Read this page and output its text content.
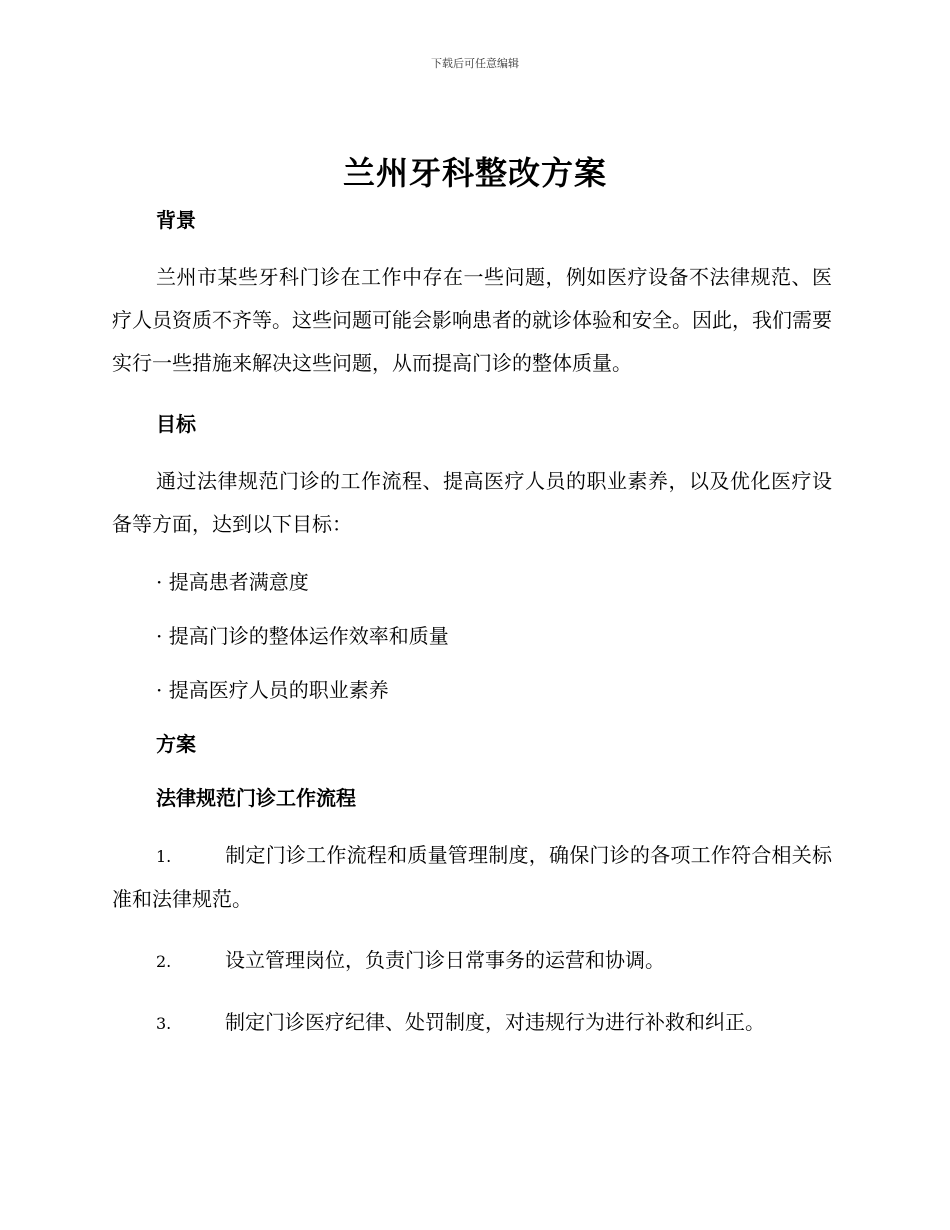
下载后可任意编辑
兰州牙科整改方案
背景

兰州市某些牙科门诊在工作中存在一些问题，例如医疗设备不法律规范、医疗人员资质不齐等。这些问题可能会影响患者的就诊体验和安全。因此，我们需要实行一些措施来解决这些问题，从而提高门诊的整体质量。

目标

通过法律规范门诊的工作流程、提高医疗人员的职业素养，以及优化医疗设备等方面，达到以下目标：

· 提高患者满意度

· 提高门诊的整体运作效率和质量

· 提高医疗人员的职业素养

方案
法律规范门诊工作流程

1.	制定门诊工作流程和质量管理制度，确保门诊的各项工作符合相关标准和法律规范。

2.	设立管理岗位，负责门诊日常事务的运营和协调。

3.	制定门诊医疗纪律、处罚制度，对违规行为进行补救和纠正。
